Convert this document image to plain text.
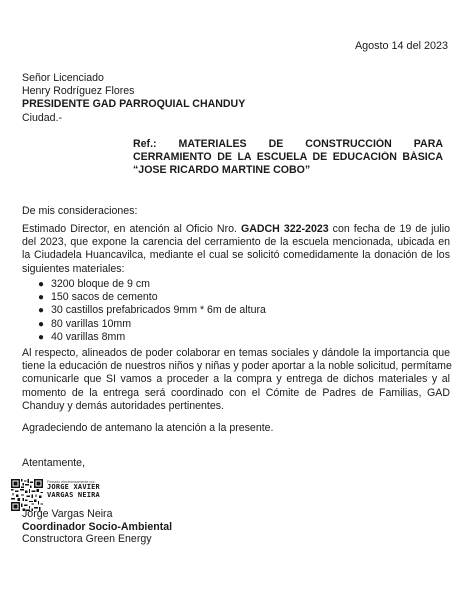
Agosto 14 del 2023
Señor Licenciado
Henry Rodríguez Flores
PRESIDENTE GAD PARROQUIAL CHANDUY
Ciudad.-
Ref.: MATERIALES DE CONSTRUCCIÓN PARA
CERRAMIENTO DE LA ESCUELA DE EDUCACIÓN BÁSICA
“JOSE RICARDO MARTINE COBO”
De mis consideraciones:
Estimado Director, en atención al Oficio Nro. GADCH 322-2023 con fecha de 19 de julio
del 2023, que expone la carencia del cerramiento de la escuela mencionada, ubicada en
la Ciudadela Huancavilca, mediante el cual se solicitó comedidamente la donación de los
siguientes materiales:
● 3200 bloque de 9 cm
● 150 sacos de cemento
● 30 castillos prefabricados 9mm * 6m de altura
● 80 varillas 10mm
● 40 varillas 8mm
Al respecto, alineados de poder colaborar en temas sociales y dándole la importancia que
tiene la educación de nuestros niños y niñas y poder aportar a la noble solicitud, permítame
comunicarle que SI vamos a proceder a la compra y entrega de dichos materiales y al
momento de la entrega será coordinado con el Cómite de Padres de Familias, GAD
Chanduy y demás autoridades pertinentes.
Agradeciendo de antemano la atención a la presente.
Atentamente,
Firmado electrónicamente por:
JORGE XAVIER
VARGAS NEIRA
Jorge Vargas Neira
Coordinador Socio-Ambiental
Constructora Green Energy
